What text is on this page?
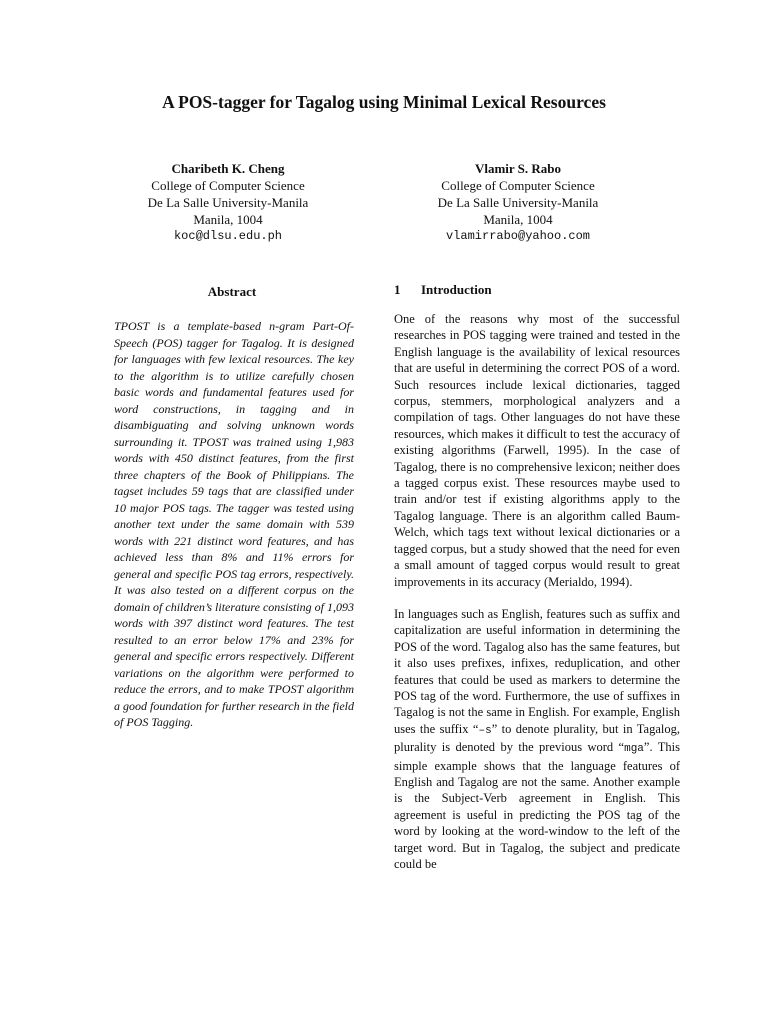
A POS-tagger for Tagalog using Minimal Lexical Resources
Charibeth K. Cheng
College of Computer Science
De La Salle University-Manila
Manila, 1004
koc@dlsu.edu.ph
Vlamir S. Rabo
College of Computer Science
De La Salle University-Manila
Manila, 1004
vlamirrabo@yahoo.com
Abstract

TPOST is a template-based n-gram Part-Of-Speech (POS) tagger for Tagalog. It is designed for languages with few lexical resources. The key to the algorithm is to utilize carefully chosen basic words and fundamental features used for word constructions, in tagging and in disambiguating and solving unknown words surrounding it. TPOST was trained using 1,983 words with 450 distinct features, from the first three chapters of the Book of Philippians. The tagset includes 59 tags that are classified under 10 major POS tags. The tagger was tested using another text under the same domain with 539 words with 221 distinct word features, and has achieved less than 8% and 11% errors for general and specific POS tag errors, respectively. It was also tested on a different corpus on the domain of children’s literature consisting of 1,093 words with 397 distinct word features. The test resulted to an error below 17% and 23% for general and specific errors respectively. Different variations on the algorithm were performed to reduce the errors, and to make TPOST algorithm a good foundation for further research in the field of POS Tagging.

1 Introduction

One of the reasons why most of the successful researches in POS tagging were trained and tested in the English language is the availability of lexical resources that are useful in determining the correct POS of a word. Such resources include lexical dictionaries, tagged corpus, stemmers, morphological analyzers and a compilation of tags. Other languages do not have these resources, which makes it difficult to test the accuracy of existing algorithms (Farwell, 1995). In the case of Tagalog, there is no comprehensive lexicon; neither does a tagged corpus exist. These resources maybe used to train and/or test if existing algorithms apply to the Tagalog language. There is an algorithm called Baum-Welch, which tags text without lexical dictionaries or a tagged corpus, but a study showed that the need for even a small amount of tagged corpus would result to great improvements in its accuracy (Merialdo, 1994).

In languages such as English, features such as suffix and capitalization are useful information in determining the POS of the word. Tagalog also has the same features, but it also uses prefixes, infixes, reduplication, and other features that could be used as markers to determine the POS tag of the word. Furthermore, the use of suffixes in Tagalog is not the same in English. For example, English uses the suffix “–s” to denote plurality, but in Tagalog, plurality is denoted by the previous word “mga”. This simple example shows that the language features of English and Tagalog are not the same. Another example is the Subject-Verb agreement in English. This agreement is useful in predicting the POS tag of the word by looking at the word-window to the left of the target word. But in Tagalog, the subject and predicate could be
